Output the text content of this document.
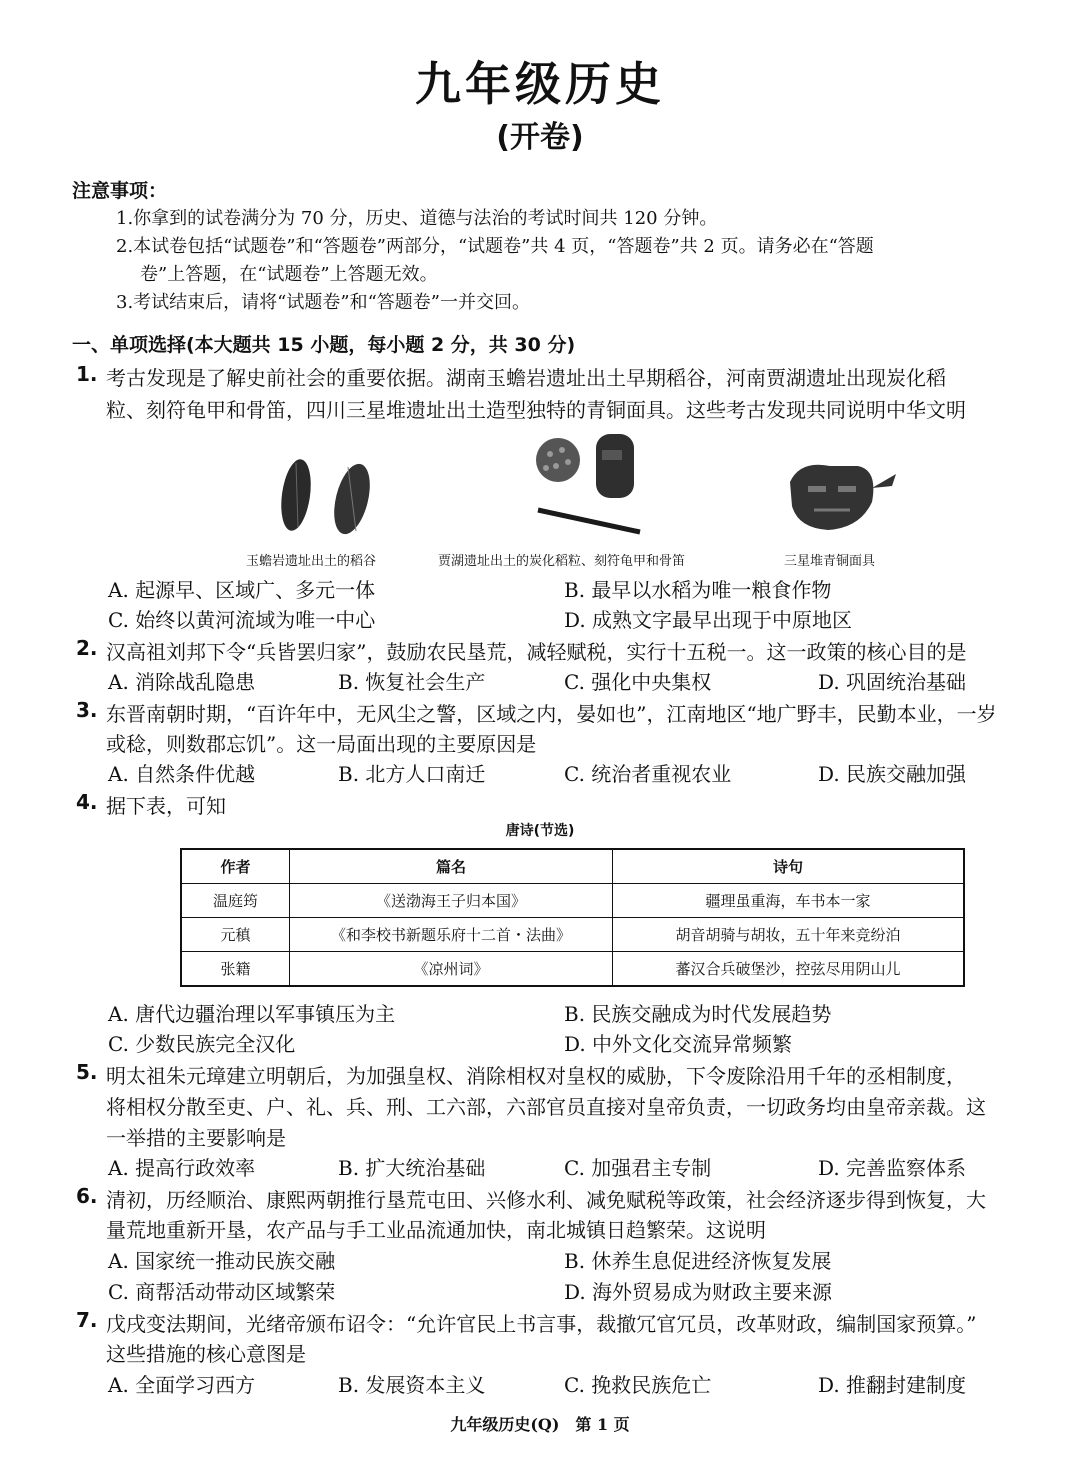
九年级历史
(开卷)
注意事项：
1.你拿到的试卷满分为 70 分，历史、道德与法治的考试时间共 120 分钟。
2.本试卷包括“试题卷”和“答题卷”两部分，“试题卷”共 4 页，“答题卷”共 2 页。请务必在“答题
卷”上答题，在“试题卷”上答题无效。
3.考试结束后，请将“试题卷”和“答题卷”一并交回。
一、单项选择(本大题共 15 小题，每小题 2 分，共 30 分)
1. 考古发现是了解史前社会的重要依据。湖南玉蟾岩遗址出土早期稻谷，河南贾湖遗址出现炭化稻
粒、刻符龟甲和骨笛，四川三星堆遗址出土造型独特的青铜面具。这些考古发现共同说明中华文明
玉蟾岩遗址出土的稻谷	贾湖遗址出土的炭化稻粒、刻符龟甲和骨笛	三星堆青铜面具
A. 起源早、区域广、多元一体	B. 最早以水稻为唯一粮食作物
C. 始终以黄河流域为唯一中心	D. 成熟文字最早出现于中原地区
2. 汉高祖刘邦下令“兵皆罢归家”，鼓励农民垦荒，减轻赋税，实行十五税一。这一政策的核心目的是
A. 消除战乱隐患	B. 恢复社会生产	C. 强化中央集权	D. 巩固统治基础
3. 东晋南朝时期，“百许年中，无风尘之警，区域之内，晏如也”，江南地区“地广野丰，民勤本业，一岁
或稔，则数郡忘饥”。这一局面出现的主要原因是
A. 自然条件优越	B. 北方人口南迁	C. 统治者重视农业	D. 民族交融加强
4. 据下表，可知
唐诗(节选)
作者	篇名	诗句
温庭筠	《送渤海王子归本国》	疆理虽重海，车书本一家
元稹	《和李校书新题乐府十二首・法曲》	胡音胡骑与胡妆，五十年来竞纷泊
张籍	《凉州词》	蕃汉合兵破堡沙，控弦尽用阴山儿
A. 唐代边疆治理以军事镇压为主	B. 民族交融成为时代发展趋势
C. 少数民族完全汉化	D. 中外文化交流异常频繁
5. 明太祖朱元璋建立明朝后，为加强皇权、消除相权对皇权的威胁，下令废除沿用千年的丞相制度，
将相权分散至吏、户、礼、兵、刑、工六部，六部官员直接对皇帝负责，一切政务均由皇帝亲裁。这
一举措的主要影响是
A. 提高行政效率	B. 扩大统治基础	C. 加强君主专制	D. 完善监察体系
6. 清初，历经顺治、康熙两朝推行垦荒屯田、兴修水利、减免赋税等政策，社会经济逐步得到恢复，大
量荒地重新开垦，农产品与手工业品流通加快，南北城镇日趋繁荣。这说明
A. 国家统一推动民族交融	B. 休养生息促进经济恢复发展
C. 商帮活动带动区域繁荣	D. 海外贸易成为财政主要来源
7. 戊戌变法期间，光绪帝颁布诏令：“允许官民上书言事，裁撤冗官冗员，改革财政，编制国家预算。”
这些措施的核心意图是
A. 全面学习西方	B. 发展资本主义	C. 挽救民族危亡	D. 推翻封建制度
九年级历史(Q)　第 1 页
